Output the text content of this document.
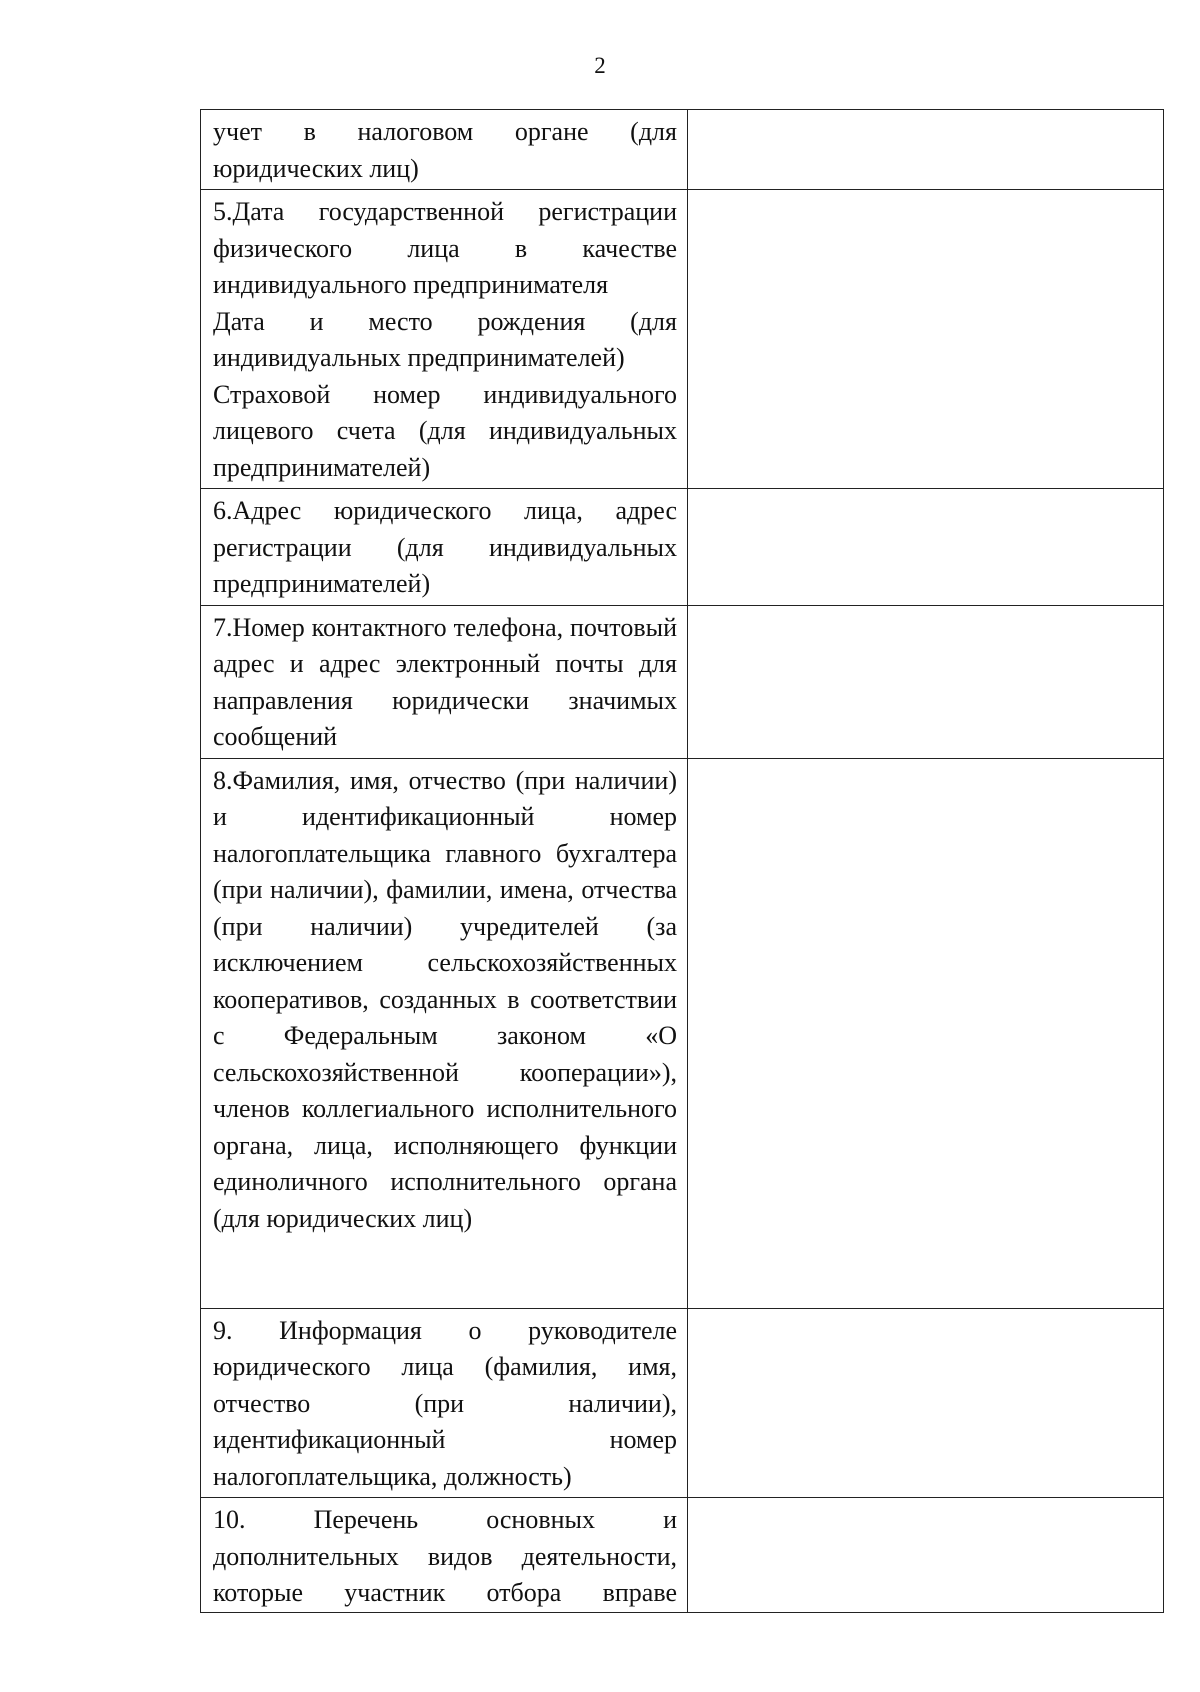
2
учет в налоговом органе (для юридических лиц)	

5.Дата государственной регистрации физического лица в качестве индивидуального предпринимателя
Дата и место рождения (для индивидуальных предпринимателей)
Страховой номер индивидуального лицевого счета (для индивидуальных предпринимателей)	

6.Адрес юридического лица, адрес регистрации (для индивидуальных предпринимателей)	

7.Номер контактного телефона, почтовый адрес и адрес электронный почты для направления юридически значимых сообщений	

8.Фамилия, имя, отчество (при наличии) и идентификационный номер налогоплательщика главного бухгалтера (при наличии), фамилии, имена, отчества (при наличии) учредителей (за исключением сельскохозяйственных кооперативов, созданных в соответствии с Федеральным законом «О сельскохозяйственной кооперации»), членов коллегиального исполнительного органа, лица, исполняющего функции единоличного исполнительного органа (для юридических лиц)	

9. Информация о руководителе юридического лица (фамилия, имя, отчество (при наличии), идентификационный номер налогоплательщика, должность)	

10. Перечень основных и дополнительных видов деятельности, которые участник отбора вправе	
